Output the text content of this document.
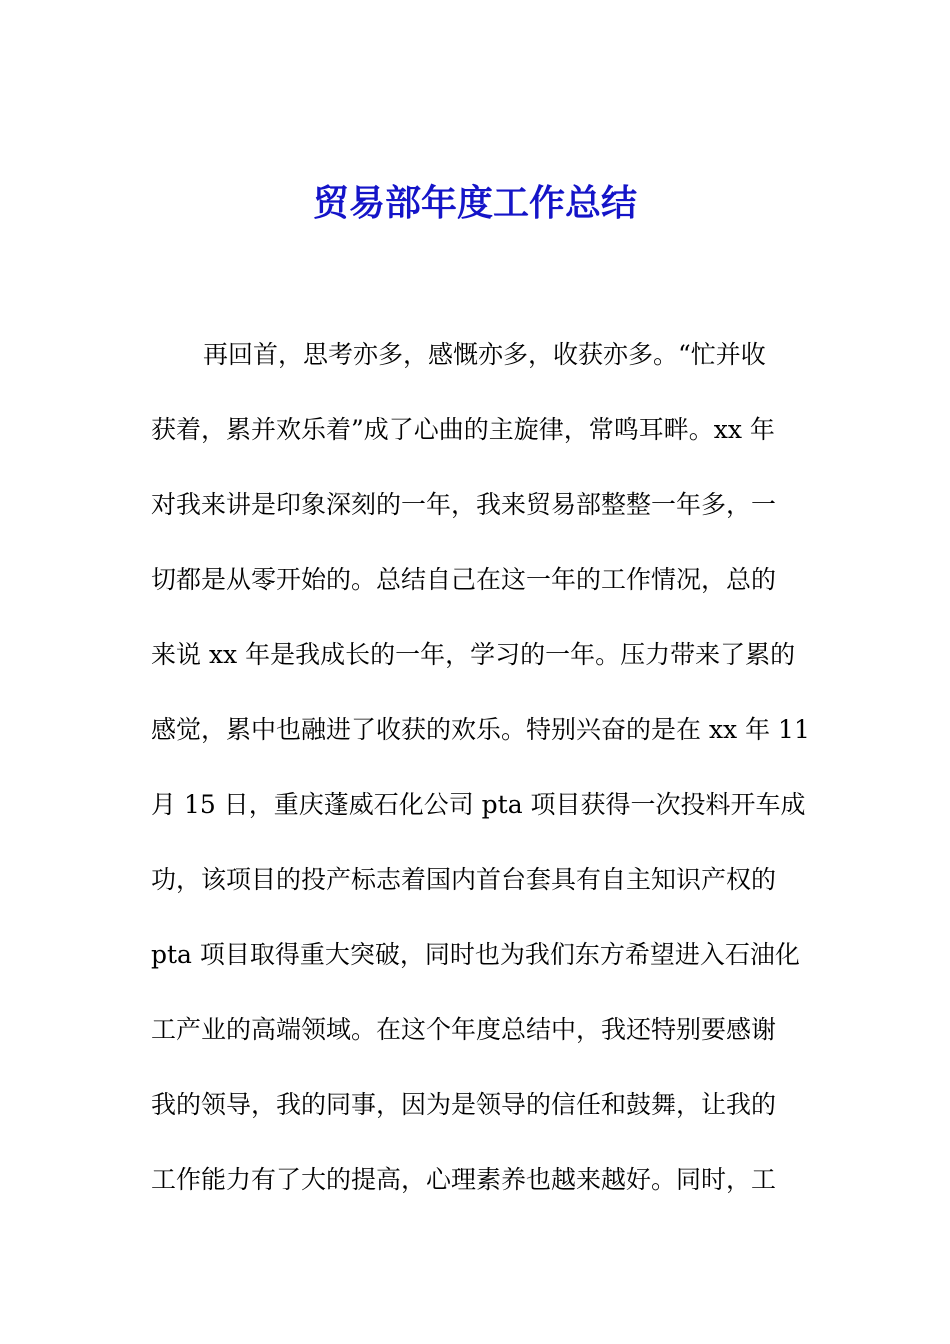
贸易部年度工作总结
再回首，思考亦多，感慨亦多，收获亦多。“忙并收
获着，累并欢乐着”成了心曲的主旋律，常鸣耳畔。xx 年
对我来讲是印象深刻的一年，我来贸易部整整一年多，一
切都是从零开始的。总结自己在这一年的工作情况，总的
来说 xx 年是我成长的一年，学习的一年。压力带来了累的
感觉，累中也融进了收获的欢乐。特别兴奋的是在 xx 年 11
月 15 日，重庆蓬威石化公司 pta 项目获得一次投料开车成
功，该项目的投产标志着国内首台套具有自主知识产权的
pta 项目取得重大突破，同时也为我们东方希望进入石油化
工产业的高端领域。在这个年度总结中，我还特别要感谢
我的领导，我的同事，因为是领导的信任和鼓舞，让我的
工作能力有了大的提高，心理素养也越来越好。同时，工
